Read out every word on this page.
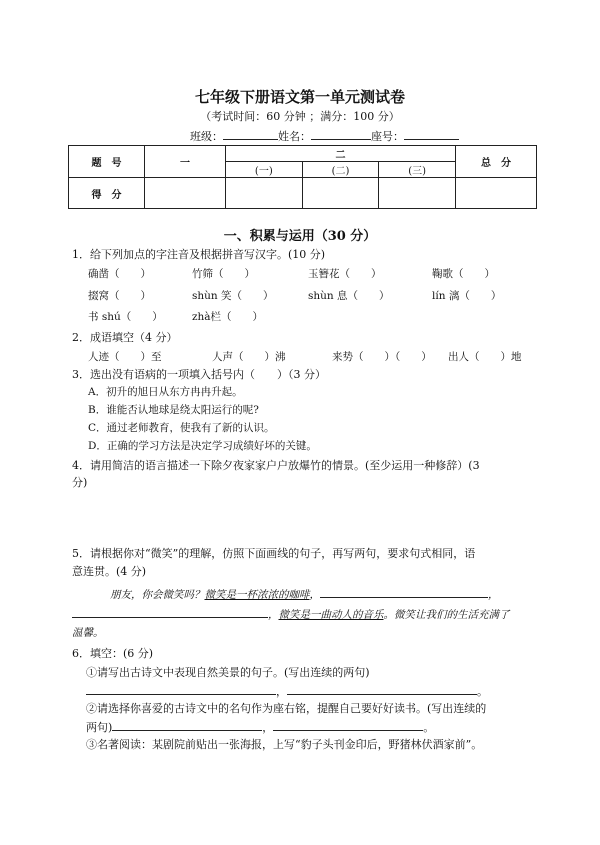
七年级下册语文第一单元测试卷
（考试时间：60 分钟 ；满分：100 分）
班级：	姓名：	座号：
题　号	一	二			总　分
		(一)	(二)	(三)	
得　分					
一、积累与运用（30 分）
1．给下列加点的字注音及根据拼音写汉字。(10 分)
确凿（　　）	竹筛（　　）	玉簪花（　　）	鞠歌（　　）
掇窝（　　）	shùn 笑（　　）	shùn 息（　　）	lín 漓（　　）
书 shú（　　）	zhà栏（　　）
2．成语填空（4 分）
人迹（　　）至	人声（　　）沸	来势（　　）（　　） 出人（　　）地
3．选出没有语病的一项填入括号内（　　）（3 分）
A．初升的旭日从东方冉冉升起。
B．谁能否认地球是绕太阳运行的呢?
C．通过老师教育，使我有了新的认识。
D．正确的学习方法是决定学习成绩好坏的关键。
4．请用简洁的语言描述一下除夕夜家家户户放爆竹的情景。(至少运用一种修辞）(3
分)
5．请根据你对“微笑”的理解，仿照下面画线的句子，再写两句，要求句式相同，语
意连贯。(4 分)
朋友，你会微笑吗？微笑是一杯浓浓的咖啡，	，
，微笑是一曲动人的音乐。微笑让我们的生活充满了
温馨。
6．填空：(6 分)
①请写出古诗文中表现自然美景的句子。(写出连续的两句)
，	。
②请选择你喜爱的古诗文中的名句作为座右铭，提醒自己要好好读书。(写出连续的
两句)	，	。
③名著阅读：某剧院前贴出一张海报，上写“豹子头刊金印后，野猪林伏酒家前”。
